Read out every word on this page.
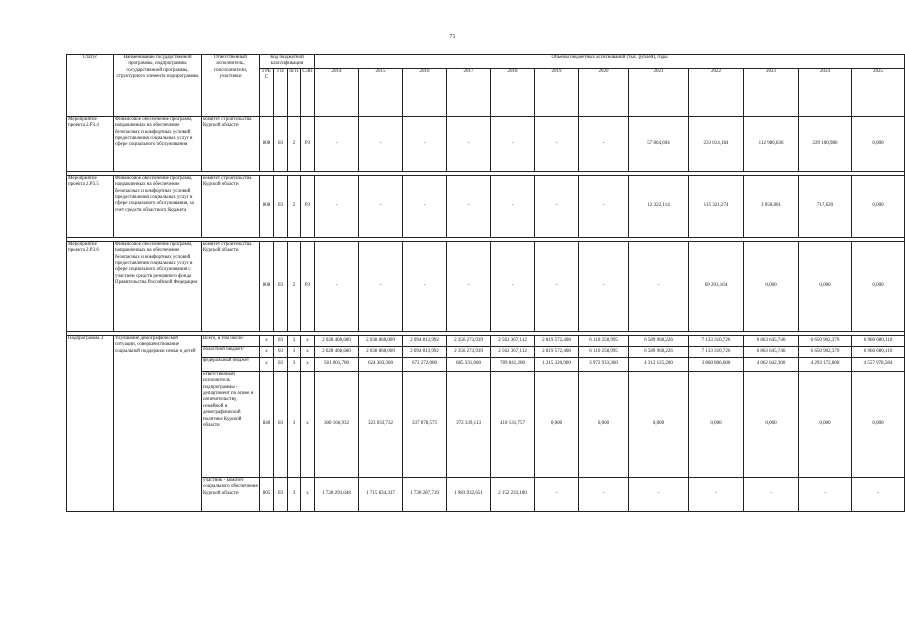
71
Статус	Наименование государственной программы, подпрограммы государственной программы, структурного элемента подпрограммы	Ответственный исполнитель, соисполнители, участники	Код бюджетной классификации				Объемы бюджетных ассигнований (тыс. рублей), годы											
			ГРБС	ГП	пГП	СЭП	2014	2015	2016	2017	2018	2019	2020	2021	2022	2023	2024	2025
Мероприятие проекта 2.Р3.4	Финансовое обеспечение программ, направленных на обеспечение безопасных и комфортных условий предоставления социальных услуг в сфере социального обслуживания	комитет строительства Курской области	808	03	2	Р3	-	-	-	-	-	-	-	57 864,694	233 014,184	112 986,836	229 100,980	0,000

Мероприятие проекта 2.Р3.5	Финансовое обеспечение программ, направленных на обеспечение безопасных и комфортных условий предоставления социальных услуг в сфере социального обслуживания, за счет средств областного бюджета	комитет строительства Курской области	808	03	2	Р3	-	-	-	-	-	-	-	12 322,114	115 321,274	3 050,001	717,620	0,000

Мероприятие проекта 2.Р3.6	Финансовое обеспечение программ, направленных на обеспечение безопасных и комфортных условий предоставления социальных услуг в сфере социального обслуживания с участием средств резервного фонда Правительства Российской Федерации	комитет строительства Курской области	808	03	2	Р3	-	-	-	-	-	-	-	-	69 203,164	0,000	0,000	0,000

Подпрограмма 3	Улучшение демографической ситуации, совершенствование социальной поддержки семьи и детей	Всего, в том числе:	х	03	3	х	2 028 468,680	2 038 868,069	2 094 813,992	2 356 273,939	2 562 367,112	2 819 572,408	6 110 258,995	6 589 968,226	7 133 310,726	6 863 645,746	6 650 902,379	6 960 680,110
		областной бюджет/	х	03	3	х	2 028 468,680	2 038 868,069	2 094 813,992	2 356 273,939	2 562 367,112	2 819 572,408	6 110 258,995	6 589 968,226	7 133 310,726	6 863 645,746	6 650 902,379	6 960 680,110
		федеральный бюджет	х	03	3	х	581 001,700	624 383,300	673 272,000	685 331,600	789 841,200	1 215 320,900	3 972 933,360	4 312 125,200	3 860 806,600	4 062 042,300	4 293 172,800	4 557 978,584
		ответственный исполнитель подпрограммы - департамент по опеке и попечительству, семейной и демографической политике Курской области	840	03	3	х	300 166,932	323 033,732	337 878,575	372 339,113	410 131,757	0,000	0,000	0,000	0,000	0,000	0,000	0,000
		участник - комитет социального обеспечения Курской области	805	03	3	х	1 728 293,048	1 715 834,337	1 730 287,719	1 983 932,651	2 152 233,180	-	-	-	-	-	-	-
